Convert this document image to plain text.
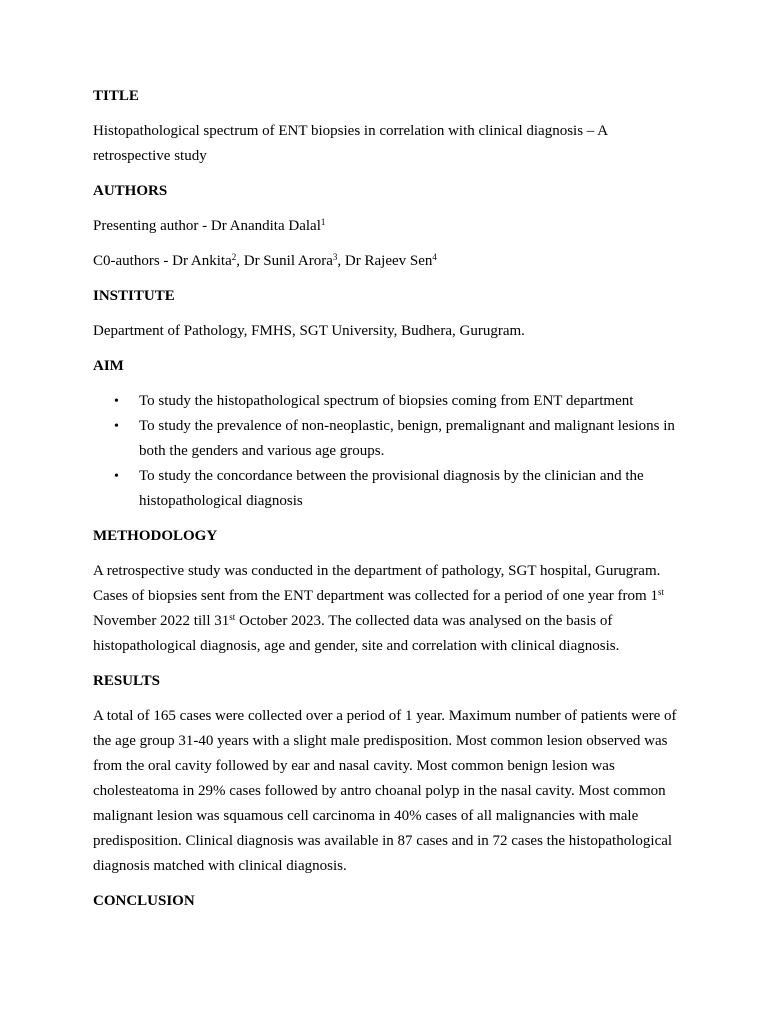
TITLE
Histopathological spectrum of ENT biopsies in correlation with clinical diagnosis – A retrospective study
AUTHORS
Presenting author - Dr Anandita Dalal$^1$
C0-authors - Dr Ankita$^2$, Dr Sunil Arora$^3$, Dr Rajeev Sen$^4$
INSTITUTE
Department of Pathology, FMHS, SGT University, Budhera, Gurugram.
AIM
• To study the histopathological spectrum of biopsies coming from ENT department
• To study the prevalence of non-neoplastic, benign, premalignant and malignant lesions in both the genders and various age groups.
• To study the concordance between the provisional diagnosis by the clinician and the histopathological diagnosis
METHODOLOGY
A retrospective study was conducted in the department of pathology, SGT hospital, Gurugram. Cases of biopsies sent from the ENT department was collected for a period of one year from 1st November 2022 till 31st October 2023. The collected data was analysed on the basis of histopathological diagnosis, age and gender, site and correlation with clinical diagnosis.
RESULTS
A total of 165 cases were collected over a period of 1 year. Maximum number of patients were of the age group 31-40 years with a slight male predisposition. Most common lesion observed was from the oral cavity followed by ear and nasal cavity. Most common benign lesion was cholesteatoma in 29% cases followed by antro choanal polyp in the nasal cavity. Most common malignant lesion was squamous cell carcinoma in 40% cases of all malignancies with male predisposition. Clinical diagnosis was available in 87 cases and in 72 cases the histopathological diagnosis matched with clinical diagnosis.
CONCLUSION
